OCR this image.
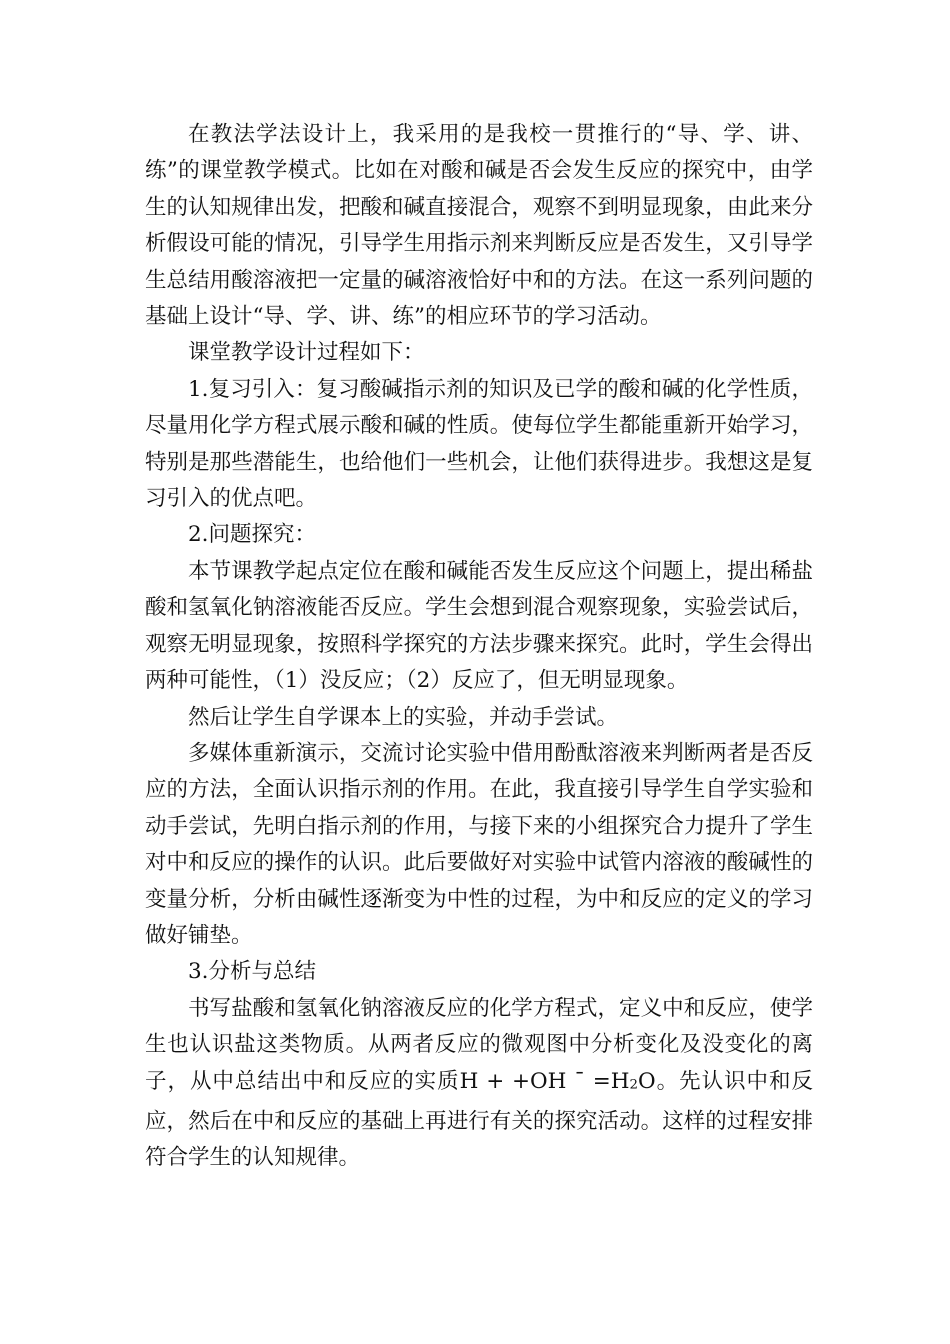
在教法学法设计上，我采用的是我校一贯推行的“导、学、讲、练”的课堂教学模式。比如在对酸和碱是否会发生反应的探究中，由学生的认知规律出发，把酸和碱直接混合，观察不到明显现象，由此来分析假设可能的情况，引导学生用指示剂来判断反应是否发生，又引导学生总结用酸溶液把一定量的碱溶液恰好中和的方法。在这一系列问题的基础上设计“导、学、讲、练”的相应环节的学习活动。

课堂教学设计过程如下：

1.复习引入：复习酸碱指示剂的知识及已学的酸和碱的化学性质，尽量用化学方程式展示酸和碱的性质。使每位学生都能重新开始学习，特别是那些潜能生，也给他们一些机会，让他们获得进步。我想这是复习引入的优点吧。

2.问题探究：

本节课教学起点定位在酸和碱能否发生反应这个问题上，提出稀盐酸和氢氧化钠溶液能否反应。学生会想到混合观察现象，实验尝试后，观察无明显现象，按照科学探究的方法步骤来探究。此时，学生会得出两种可能性，（1）没反应；（2）反应了，但无明显现象。

然后让学生自学课本上的实验，并动手尝试。

多媒体重新演示，交流讨论实验中借用酚酞溶液来判断两者是否反应的方法，全面认识指示剂的作用。在此，我直接引导学生自学实验和动手尝试，先明白指示剂的作用，与接下来的小组探究合力提升了学生对中和反应的操作的认识。此后要做好对实验中试管内溶液的酸碱性的变量分析，分析由碱性逐渐变为中性的过程，为中和反应的定义的学习做好铺垫。

3.分析与总结

书写盐酸和氢氧化钠溶液反应的化学方程式，定义中和反应，使学生也认识盐这类物质。从两者反应的微观图中分析变化及没变化的离子，从中总结出中和反应的实质H + +OH ¯ =H2O。先认识中和反应，然后在中和反应的基础上再进行有关的探究活动。这样的过程安排符合学生的认知规律。
